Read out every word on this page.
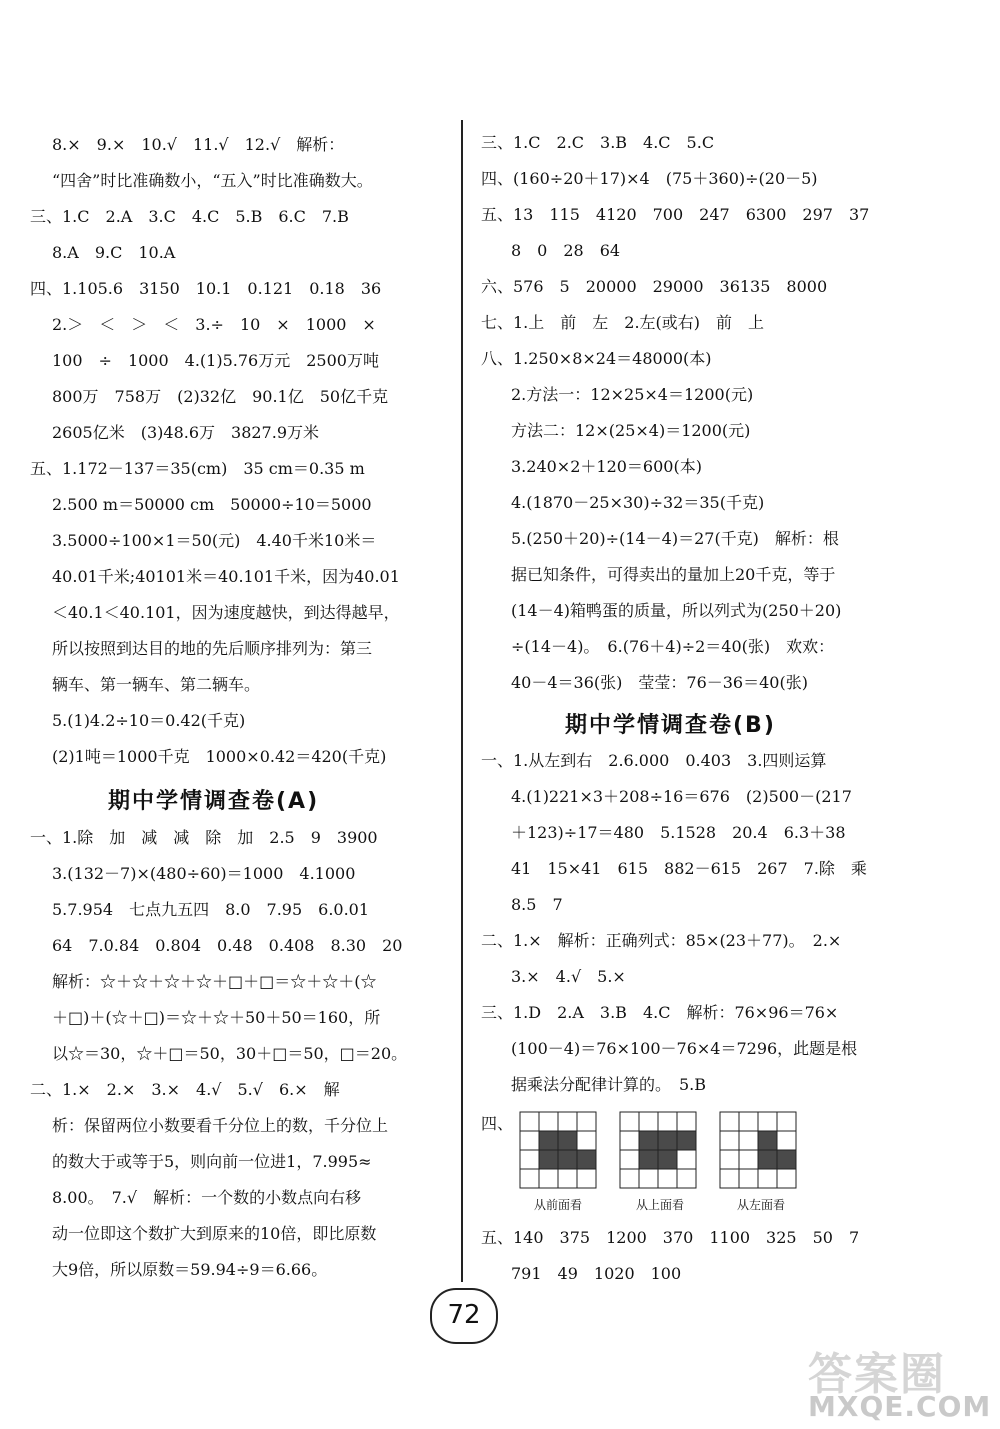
8.×　9.×　10.√　11.√　12.√　解析：
“四舍”时比准确数小，“五入”时比准确数大。
三、1.C　2.A　3.C　4.C　5.B　6.C　7.B
8.A　9.C　10.A
四、1.105.6　3150　10.1　0.121　0.18　36
2.＞　＜　＞　＜　3.÷　10　×　1000　×
100　÷　1000　4.(1)5.76万元　2500万吨
800万　758万　(2)32亿　90.1亿　50亿千克
2605亿米　(3)48.6万　3827.9万米
五、1.172－137＝35(cm)　35 cm＝0.35 m
2.500 m＝50000 cm　50000÷10＝5000
3.5000÷100×1＝50(元)　4.40千米10米＝
40.01千米;40101米＝40.101千米，因为40.01
＜40.1＜40.101，因为速度越快，到达得越早，
所以按照到达目的地的先后顺序排列为：第三
辆车、第一辆车、第二辆车。
5.(1)4.2÷10＝0.42(千克)
(2)1吨＝1000千克　1000×0.42＝420(千克)
期中学情调查卷(A)
一、1.除　加　减　减　除　加　2.5　9　3900
3.(132－7)×(480÷60)＝1000　4.1000
5.7.954　七点九五四　8.0　7.95　6.0.01
64　7.0.84　0.804　0.48　0.408　8.30　20
解析：☆＋☆＋☆＋☆＋□＋□＝☆＋☆＋(☆
＋□)＋(☆＋□)＝☆＋☆＋50＋50＝160，所
以☆＝30，☆＋□＝50，30＋□＝50，□＝20。
二、1.×　2.×　3.×　4.√　5.√　6.×　解
析：保留两位小数要看千分位上的数，千分位上
的数大于或等于5，则向前一位进1，7.995≈
8.00。　7.√　解析：一个数的小数点向右移
动一位即这个数扩大到原来的10倍，即比原数
大9倍，所以原数＝59.94÷9＝6.66。
三、1.C　2.C　3.B　4.C　5.C
四、(160÷20＋17)×4　(75＋360)÷(20－5)
五、13　115　4120　700　247　6300　297　37
8　0　28　64
六、576　5　20000　29000　36135　8000
七、1.上　前　左　2.左(或右)　前　上
八、1.250×8×24＝48000(本)
2.方法一：12×25×4＝1200(元)
方法二：12×(25×4)＝1200(元)
3.240×2＋120＝600(本)
4.(1870－25×30)÷32＝35(千克)
5.(250＋20)÷(14－4)＝27(千克)　解析：根
据已知条件，可得卖出的量加上20千克，等于
(14－4)箱鸭蛋的质量，所以列式为(250＋20)
÷(14－4)。　6.(76＋4)÷2＝40(张)　欢欢：
40－4＝36(张)　莹莹：76－36＝40(张)
期中学情调查卷(B)
一、1.从左到右　2.6.000　0.403　3.四则运算
4.(1)221×3＋208÷16＝676　(2)500－(217
＋123)÷17＝480　5.1528　20.4　6.3＋38
41　15×41　615　882－615　267　7.除　乘
8.5　7
二、1.×　解析：正确列式：85×(23＋77)。　2.×
3.×　4.√　5.×
三、1.D　2.A　3.B　4.C　解析：76×96＝76×
(100－4)＝76×100－76×4＝7296，此题是根
据乘法分配律计算的。　5.B
四、
五、140　375　1200　370　1100　325　50　7
791　49　1020　100
从前面看	从上面看	从左面看
72
答案圈
MXQE.COM
